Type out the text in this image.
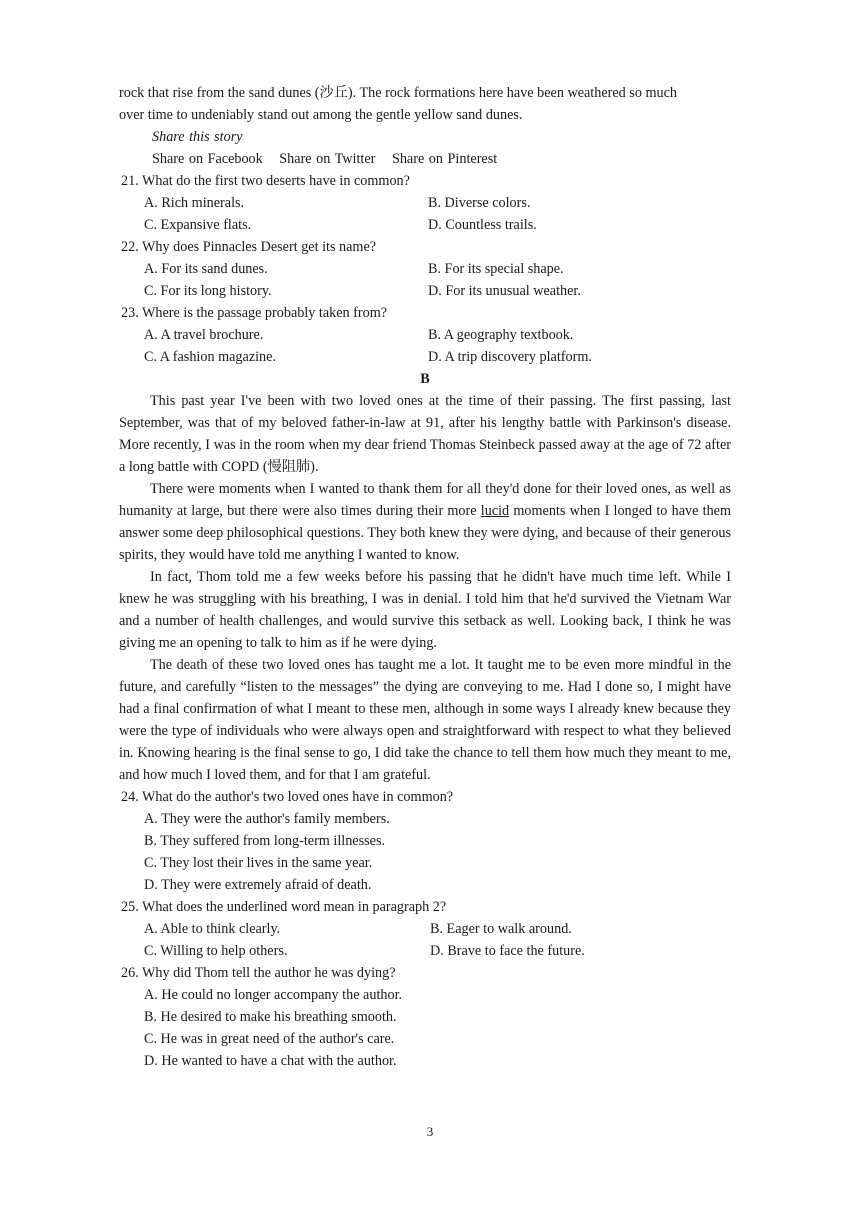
rock that rise from the sand dunes (沙丘). The rock formations here have been weathered so much
over time to undeniably stand out among the gentle yellow sand dunes.
Share this story
Share on Facebook Share on Twitter Share on Pinterest
21. What do the first two deserts have in common?
A. Rich minerals.	B. Diverse colors.
C. Expansive flats.	D. Countless trails.
22. Why does Pinnacles Desert get its name?
A. For its sand dunes.	B. For its special shape.
C. For its long history.	D. For its unusual weather.
23. Where is the passage probably taken from?
A. A travel brochure.	B. A geography textbook.
C. A fashion magazine.	D. A trip discovery platform.
B

This past year I've been with two loved ones at the time of their passing. The first passing, last September, was that of my beloved father-in-law at 91, after his lengthy battle with Parkinson's disease. More recently, I was in the room when my dear friend Thomas Steinbeck passed away at the age of 72 after a long battle with COPD (慢阻肺).

There were moments when I wanted to thank them for all they'd done for their loved ones, as well as humanity at large, but there were also times during their more lucid moments when I longed to have them answer some deep philosophical questions. They both knew they were dying, and because of their generous spirits, they would have told me anything I wanted to know.

In fact, Thom told me a few weeks before his passing that he didn't have much time left. While I knew he was struggling with his breathing, I was in denial. I told him that he'd survived the Vietnam War and a number of health challenges, and would survive this setback as well. Looking back, I think he was giving me an opening to talk to him as if he were dying.

The death of these two loved ones has taught me a lot. It taught me to be even more mindful in the future, and carefully “listen to the messages” the dying are conveying to me. Had I done so, I might have had a final confirmation of what I meant to these men, although in some ways I already knew because they were the type of individuals who were always open and straightforward with respect to what they believed in. Knowing hearing is the final sense to go, I did take the chance to tell them how much they meant to me, and how much I loved them, and for that I am grateful.

24. What do the author's two loved ones have in common?
A. They were the author's family members.
B. They suffered from long-term illnesses.
C. They lost their lives in the same year.
D. They were extremely afraid of death.
25. What does the underlined word mean in paragraph 2?
A. Able to think clearly.	B. Eager to walk around.
C. Willing to help others.	D. Brave to face the future.
26. Why did Thom tell the author he was dying?
A. He could no longer accompany the author.
B. He desired to make his breathing smooth.
C. He was in great need of the author's care.
D. He wanted to have a chat with the author.
3
